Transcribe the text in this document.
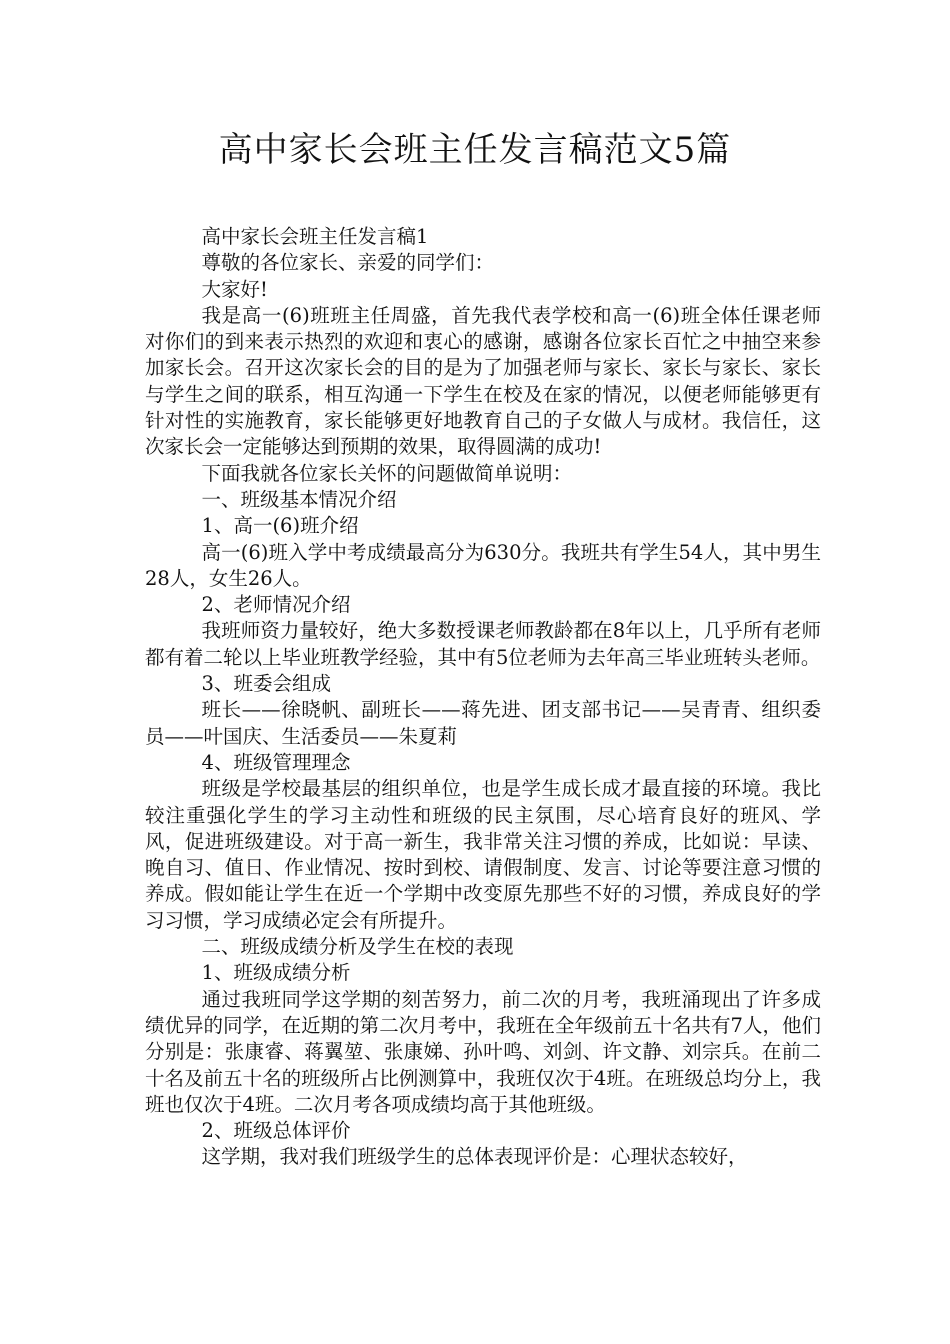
高中家长会班主任发言稿范文5篇

高中家长会班主任发言稿1

尊敬的各位家长、亲爱的同学们：

大家好!

我是高一(6)班班主任周盛，首先我代表学校和高一(6)班全体任课老师对你们的到来表示热烈的欢迎和衷心的感谢，感谢各位家长百忙之中抽空来参加家长会。召开这次家长会的目的是为了加强老师与家长、家长与家长、家长与学生之间的联系，相互沟通一下学生在校及在家的情况，以便老师能够更有针对性的实施教育，家长能够更好地教育自己的子女做人与成材。我信任，这次家长会一定能够达到预期的效果，取得圆满的成功!

下面我就各位家长关怀的问题做简单说明：

一、班级基本情况介绍

1、高一(6)班介绍

高一(6)班入学中考成绩最高分为630分。我班共有学生54人，其中男生28人，女生26人。

2、老师情况介绍

我班师资力量较好，绝大多数授课老师教龄都在8年以上，几乎所有老师都有着二轮以上毕业班教学经验，其中有5位老师为去年高三毕业班转头老师。

3、班委会组成

班长——徐晓帆、副班长——蒋先进、团支部书记——吴青青、组织委员——叶国庆、生活委员——朱夏莉

4、班级管理理念

班级是学校最基层的组织单位，也是学生成长成才最直接的环境。我比较注重强化学生的学习主动性和班级的民主氛围，尽心培育良好的班风、学风，促进班级建设。对于高一新生，我非常关注习惯的养成，比如说：早读、晚自习、值日、作业情况、按时到校、请假制度、发言、讨论等要注意习惯的养成。假如能让学生在近一个学期中改变原先那些不好的习惯，养成良好的学习习惯，学习成绩必定会有所提升。

二、班级成绩分析及学生在校的表现

1、班级成绩分析

通过我班同学这学期的刻苦努力，前二次的月考，我班涌现出了许多成绩优异的同学，在近期的第二次月考中，我班在全年级前五十名共有7人，他们分别是：张康睿、蒋翼堃、张康娣、孙叶鸣、刘剑、许文静、刘宗兵。在前二十名及前五十名的班级所占比例测算中，我班仅次于4班。在班级总均分上，我班也仅次于4班。二次月考各项成绩均高于其他班级。

2、班级总体评价

这学期，我对我们班级学生的总体表现评价是：心理状态较好，
